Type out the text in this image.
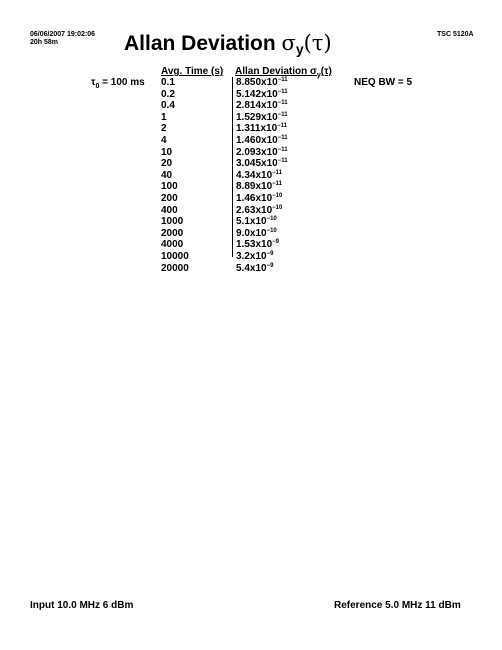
06/06/2007 19:02:06
20h 58m
TSC 5120A
Allan Deviation σy(τ)
$\tau_0 = 100$ ms	NEQ BW = 5
Avg. Time (s) Allan Deviation $\sigma_y(\tau)$
0.1
0.2
0.4
1
2
4
10
20
40
100
200
400
1000
2000
4000
10000
20000
$8.850x10^{-11}$
$5.142x10^{-11}$
$2.814x10^{-11}$
$1.529x10^{-11}$
$1.311x10^{-11}$
$1.460x10^{-11}$
$2.093x10^{-11}$
$3.045x10^{-11}$
$4.34x10^{-11}$
$8.89x10^{-11}$
$1.46x10^{-10}$
$2.63x10^{-10}$
$5.1x10^{-10}$
$9.0x10^{-10}$
$1.53x10^{-9}$
$3.2x10^{-9}$
$5.4x10^{-9}$
Input 10.0 MHz 6 dBm	Reference 5.0 MHz 11 dBm
